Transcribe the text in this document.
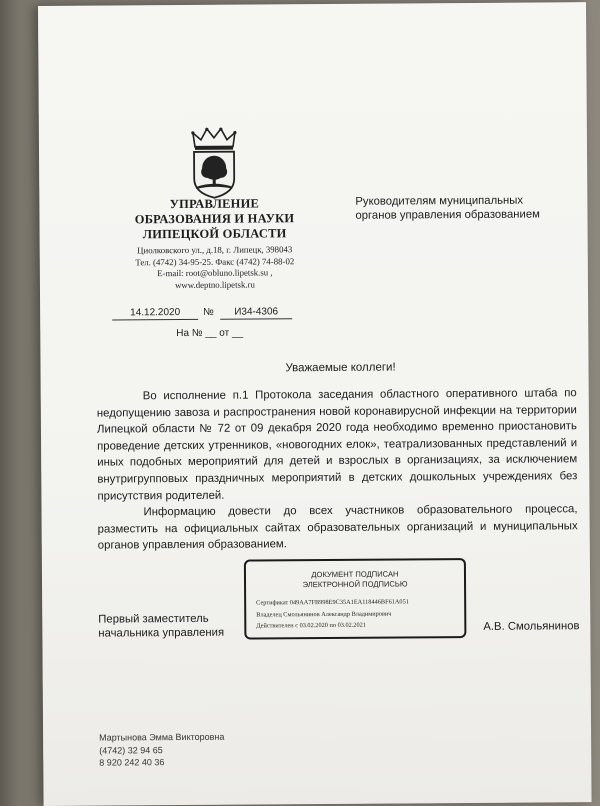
УПРАВЛЕНИЕ
ОБРАЗОВАНИЯ И НАУКИ
ЛИПЕЦКОЙ ОБЛАСТИ
Циолковского ул., д.18, г. Липецк, 398043
Тел. (4742) 34-95-25. Факс (4742) 74-88-02
E-mail: root@obluno.lipetsk.su ,
www.deptno.lipetsk.ru
Руководителям муниципальных
органов управления образованием
14.12.2020	№	И34-4306
На № __ от __
Уважаемые коллеги!

Во исполнение п.1 Протокола заседания областного оперативного штаба по недопущению завоза и распространения новой коронавирусной инфекции на территории Липецкой области № 72 от 09 декабря 2020 года необходимо временно приостановить проведение детских утренников, «новогодних елок», театрализованных представлений и иных подобных мероприятий для детей и взрослых в организациях, за исключением внутригрупповых праздничных мероприятий в детских дошкольных учреждениях без присутствия родителей.

Информацию довести до всех участников образовательного процесса, разместить на официальных сайтах образовательных организаций и муниципальных органов управления образованием.

ДОКУМЕНТ ПОДПИСАН
ЭЛЕКТРОННОЙ ПОДПИСЬЮ
Сертификат 049AA7FB998E9C35A1EA118446BF61A051
Владелец Смольянинов Александр Владимирович
Действителен с 03.02.2020 по 03.02.2021
Первый заместитель
начальника управления
А.В. Смольянинов
Мартынова Эмма Викторовна
(4742) 32 94 65
8 920 242 40 36
